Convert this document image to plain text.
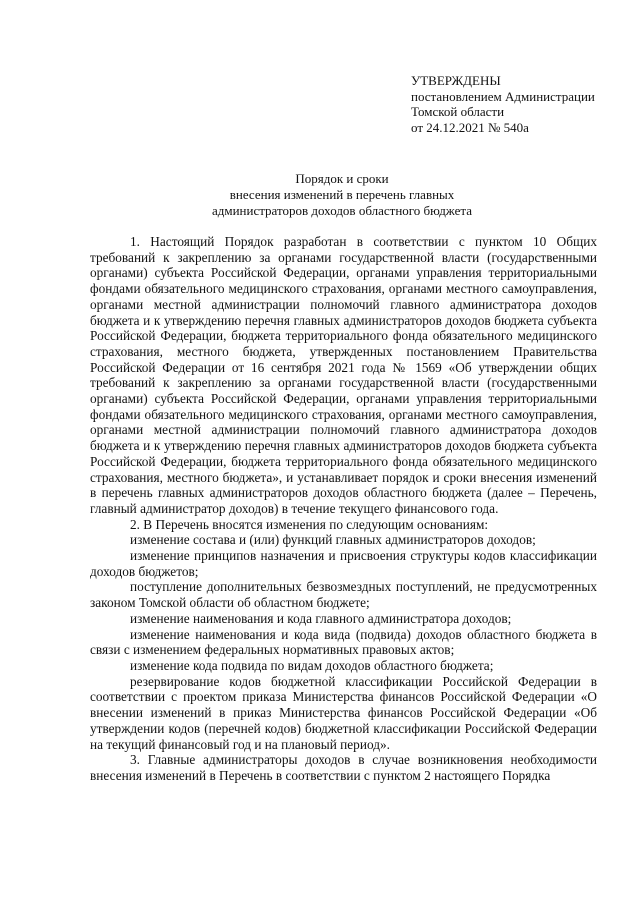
УТВЕРЖДЕНЫ
постановлением Администрации
Томской области
от 24.12.2021 № 540а
Порядок и сроки
внесения изменений в перечень главных
администраторов доходов областного бюджета

1. Настоящий Порядок разработан в соответствии с пунктом 10 Общих требований к закреплению за органами государственной власти (государственными органами) субъекта Российской Федерации, органами управления территориальными фондами обязательного медицинского страхования, органами местного самоуправления, органами местной администрации полномочий главного администратора доходов бюджета и к утверждению перечня главных администраторов доходов бюджета субъекта Российской Федерации, бюджета территориального фонда обязательного медицинского страхования, местного бюджета, утвержденных постановлением Правительства Российской Федерации от 16 сентября 2021 года № 1569 «Об утверждении общих требований к закреплению за органами государственной власти (государственными органами) субъекта Российской Федерации, органами управления территориальными фондами обязательного медицинского страхования, органами местного самоуправления, органами местной администрации полномочий главного администратора доходов бюджета и к утверждению перечня главных администраторов доходов бюджета субъекта Российской Федерации, бюджета территориального фонда обязательного медицинского страхования, местного бюджета», и устанавливает порядок и сроки внесения изменений в перечень главных администраторов доходов областного бюджета (далее – Перечень, главный администратор доходов) в течение текущего финансового года.

2. В Перечень вносятся изменения по следующим основаниям:

изменение состава и (или) функций главных администраторов доходов;

изменение принципов назначения и присвоения структуры кодов классификации доходов бюджетов;

поступление дополнительных безвозмездных поступлений, не предусмотренных законом Томской области об областном бюджете;

изменение наименования и кода главного администратора доходов;

изменение наименования и кода вида (подвида) доходов областного бюджета в связи с изменением федеральных нормативных правовых актов;

изменение кода подвида по видам доходов областного бюджета;

резервирование кодов бюджетной классификации Российской Федерации в соответствии с проектом приказа Министерства финансов Российской Федерации «О внесении изменений в приказ Министерства финансов Российской Федерации «Об утверждении кодов (перечней кодов) бюджетной классификации Российской Федерации на текущий финансовый год и на плановый период».

3. Главные администраторы доходов в случае возникновения необходимости внесения изменений в Перечень в соответствии с пунктом 2 настоящего Порядка
